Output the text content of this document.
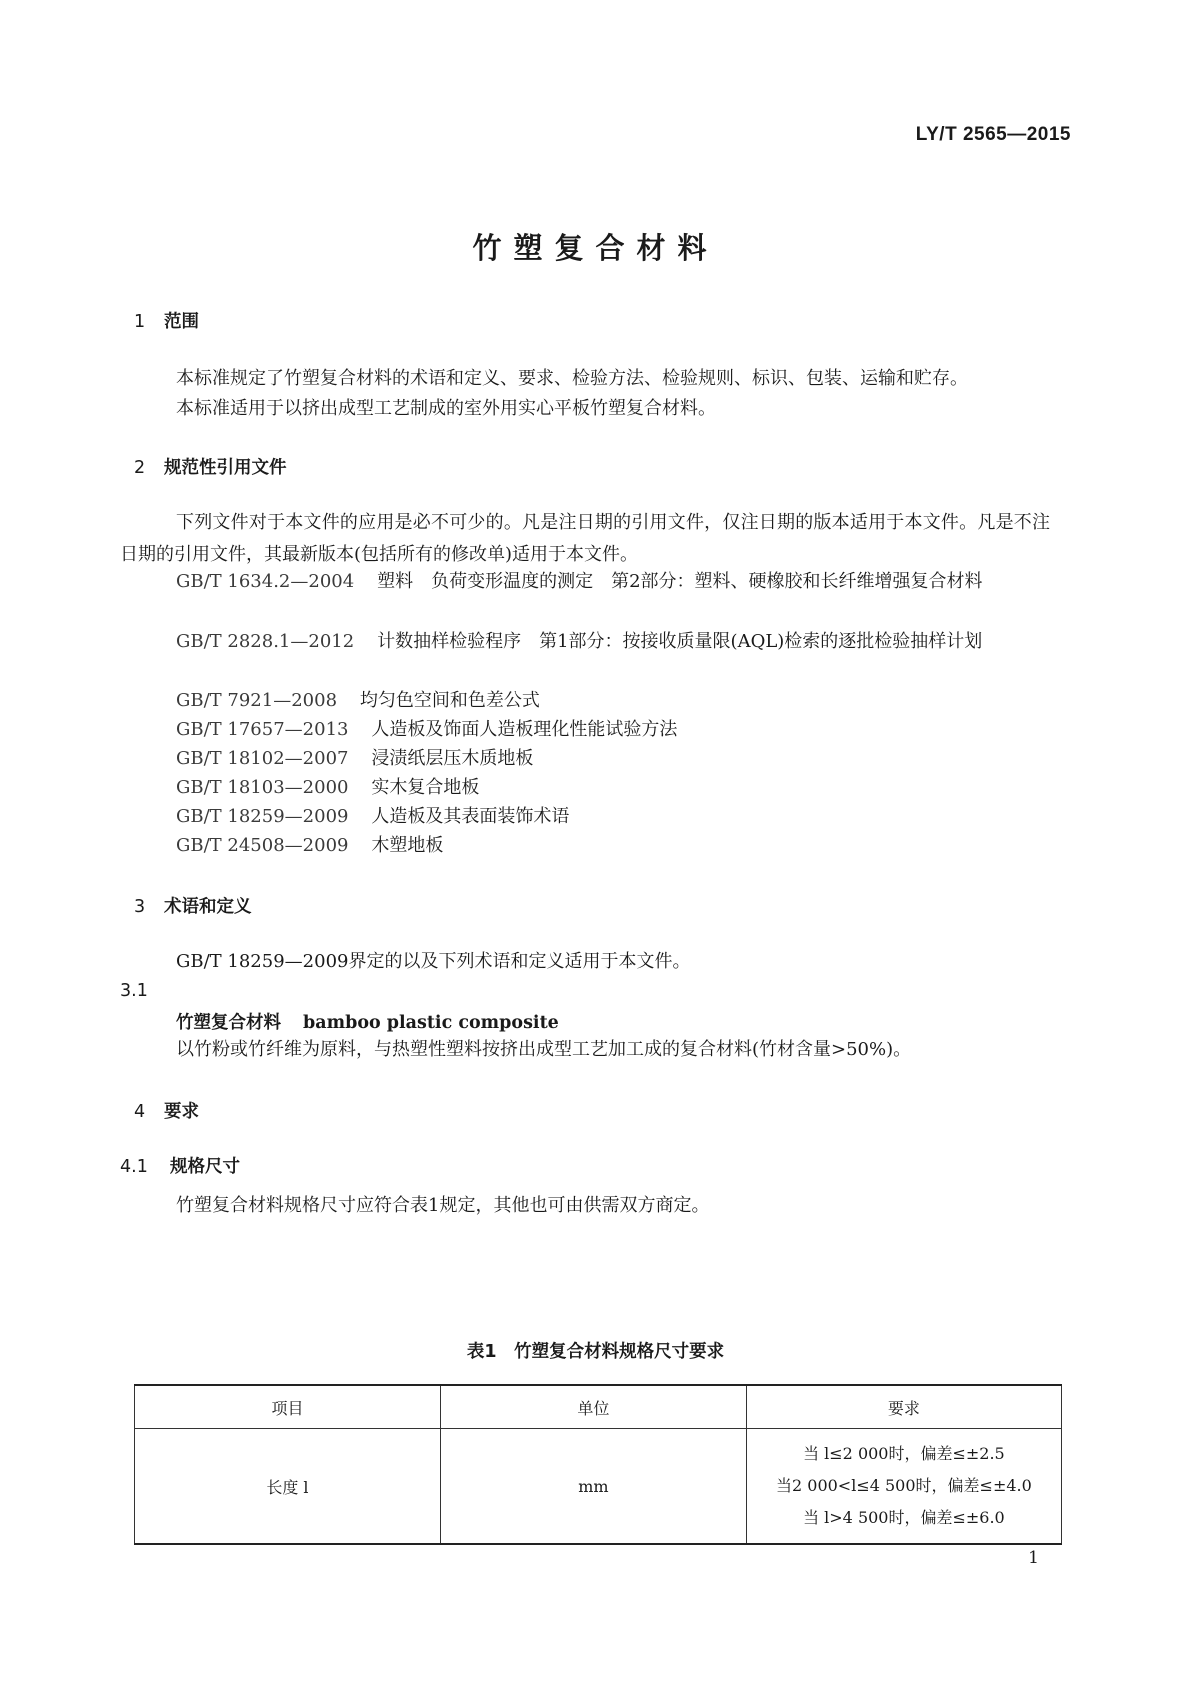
LY/T 2565—2015
竹塑复合材料
1 范围
本标准规定了竹塑复合材料的术语和定义、要求、检验方法、检验规则、标识、包装、运输和贮存。
本标准适用于以挤出成型工艺制成的室外用实心平板竹塑复合材料。
2 规范性引用文件
下列文件对于本文件的应用是必不可少的。凡是注日期的引用文件，仅注日期的版本适用于本文件。凡是不注日期的引用文件，其最新版本(包括所有的修改单)适用于本文件。
GB/T 1634.2—2004 塑料　负荷变形温度的测定　第2部分：塑料、硬橡胶和长纤维增强复合材料
GB/T 2828.1—2012 计数抽样检验程序　第1部分：按接收质量限(AQL)检索的逐批检验抽样计划
GB/T 7921—2008 均匀色空间和色差公式
GB/T 17657—2013 人造板及饰面人造板理化性能试验方法
GB/T 18102—2007 浸渍纸层压木质地板
GB/T 18103—2000 实木复合地板
GB/T 18259—2009 人造板及其表面装饰术语
GB/T 24508—2009 木塑地板
3 术语和定义
GB/T 18259—2009界定的以及下列术语和定义适用于本文件。
3.1
竹塑复合材料 bamboo plastic composite
以竹粉或竹纤维为原料，与热塑性塑料按挤出成型工艺加工成的复合材料(竹材含量>50%)。
4 要求
4.1 规格尺寸
竹塑复合材料规格尺寸应符合表1规定，其他也可由供需双方商定。
表1　竹塑复合材料规格尺寸要求
项目	单位	要求
长度 l	mm	当 l≤2 000时，偏差≤±2.5
当2 000<l≤4 500时，偏差≤±4.0
当 l>4 500时，偏差≤±6.0
1
